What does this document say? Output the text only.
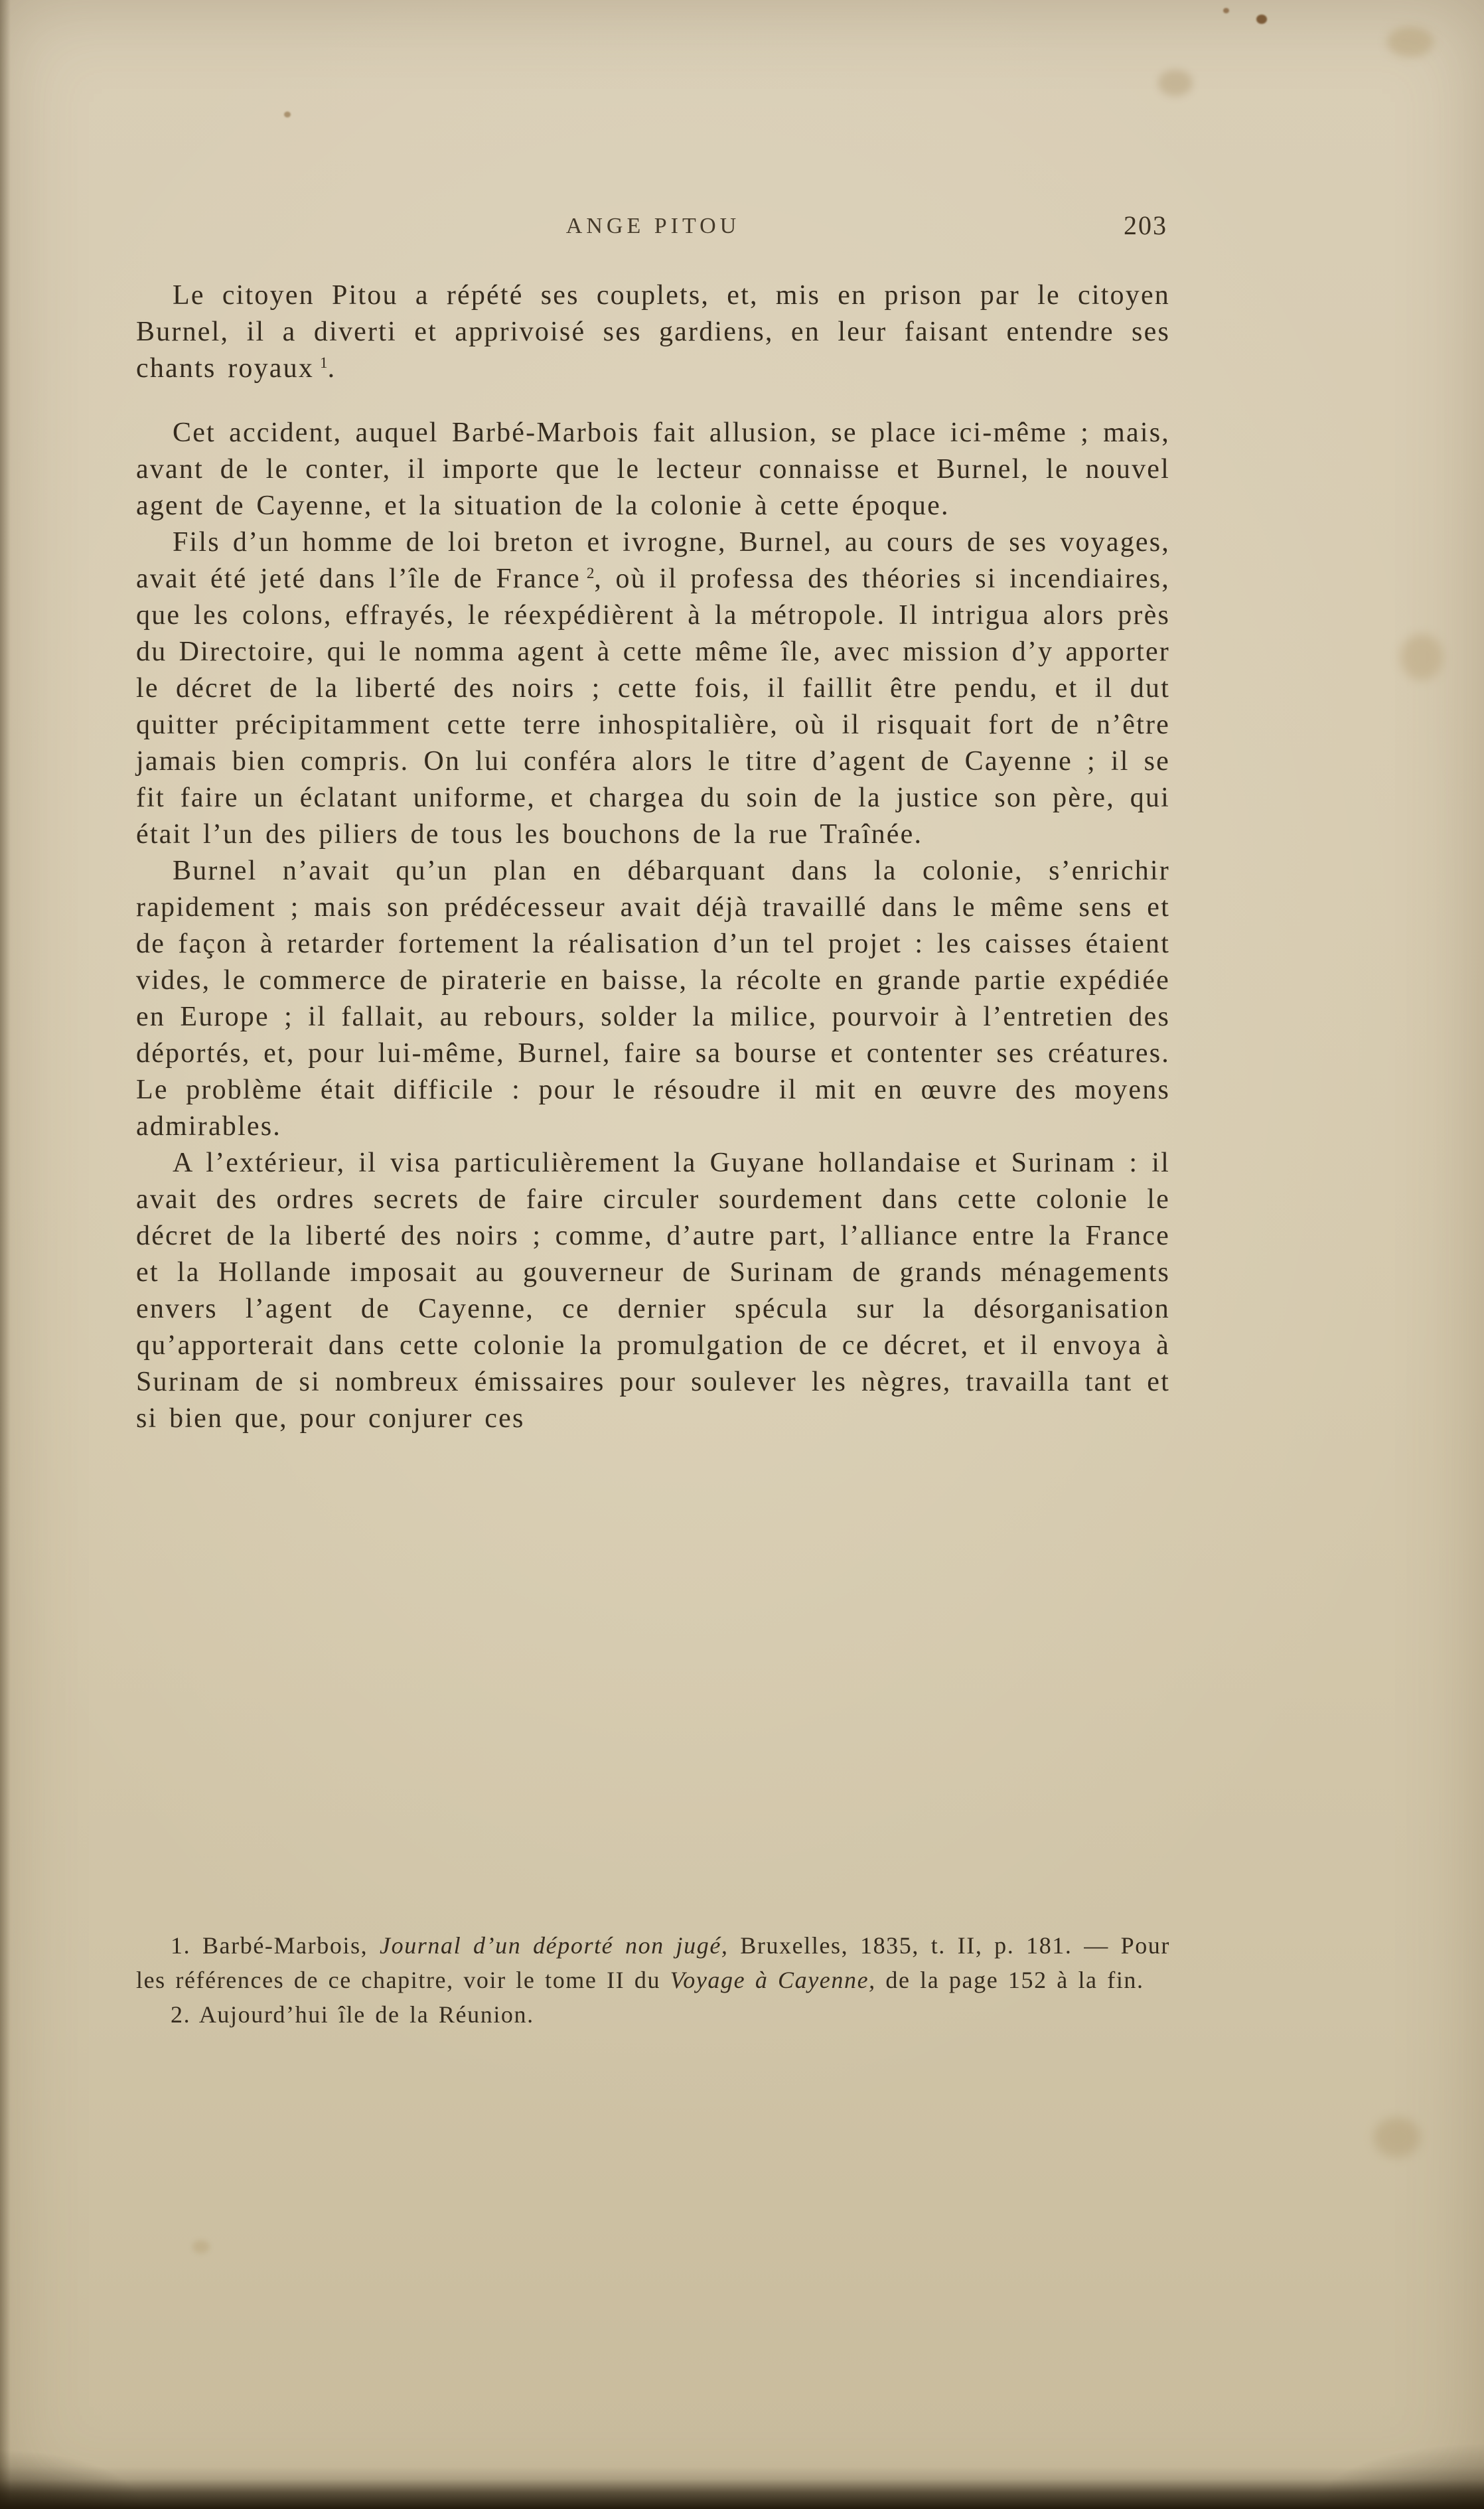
ANGE PITOU	203

Le citoyen Pitou a répété ses couplets, et, mis en prison par le citoyen Burnel, il a diverti et apprivoisé ses gardiens, en leur faisant entendre ses chants royaux $^1$.

Cet accident, auquel Barbé-Marbois fait allusion, se place ici-même ; mais, avant de le conter, il importe que le lecteur connaisse et Burnel, le nouvel agent de Cayenne, et la situation de la colonie à cette époque.

Fils d’un homme de loi breton et ivrogne, Burnel, au cours de ses voyages, avait été jeté dans l’île de France $^2$, où il professa des théories si incendiaires, que les colons, effrayés, le réexpédièrent à la métropole. Il intrigua alors près du Directoire, qui le nomma agent à cette même île, avec mission d’y apporter le décret de la liberté des noirs ; cette fois, il faillit être pendu, et il dut quitter précipitamment cette terre inhospitalière, où il risquait fort de n’être jamais bien compris. On lui conféra alors le titre d’agent de Cayenne ; il se fit faire un éclatant uniforme, et chargea du soin de la justice son père, qui était l’un des piliers de tous les bouchons de la rue Traînée.

Burnel n’avait qu’un plan en débarquant dans la colonie, s’enrichir rapidement ; mais son prédécesseur avait déjà travaillé dans le même sens et de façon à retarder fortement la réalisation d’un tel projet : les caisses étaient vides, le commerce de piraterie en baisse, la récolte en grande partie expédiée en Europe ; il fallait, au rebours, solder la milice, pourvoir à l’entretien des déportés, et, pour lui-même, Burnel, faire sa bourse et contenter ses créatures. Le problème était difficile : pour le résoudre il mit en œuvre des moyens admirables.

A l’extérieur, il visa particulièrement la Guyane hollandaise et Surinam : il avait des ordres secrets de faire circuler sourdement dans cette colonie le décret de la liberté des noirs ; comme, d’autre part, l’alliance entre la France et la Hollande imposait au gouverneur de Surinam de grands ménagements envers l’agent de Cayenne, ce dernier spécula sur la désorganisation qu’apporterait dans cette colonie la promulgation de ce décret, et il envoya à Surinam de si nombreux émissaires pour soulever les nègres, travailla tant et si bien que, pour conjurer ces

1. Barbé-Marbois, Journal d’un déporté non jugé, Bruxelles, 1835, t. II, p. 181. — Pour les références de ce chapitre, voir le tome II du Voyage à Cayenne, de la page 152 à la fin.

2. Aujourd’hui île de la Réunion.
